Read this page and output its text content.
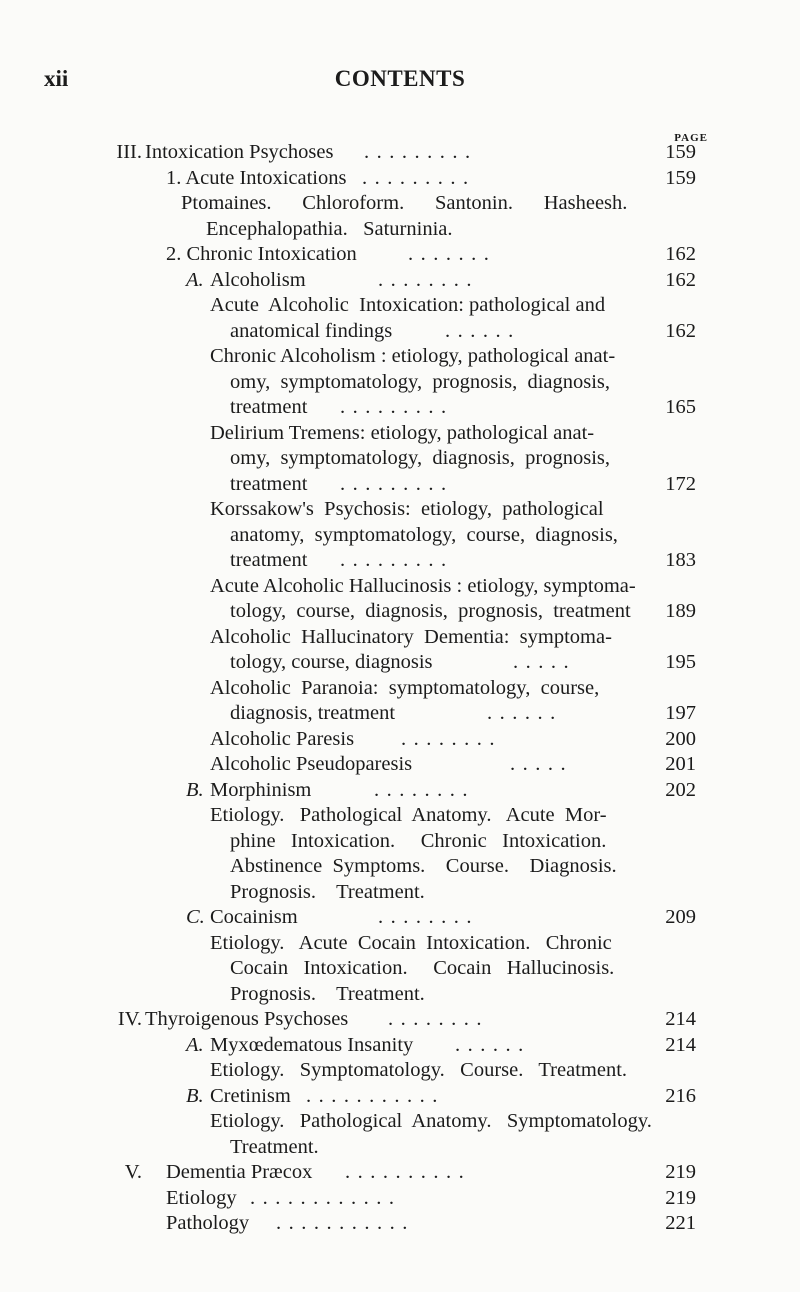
xii	CONTENTS
PAGE
III. Intoxication Psychoses .........	159
1. Acute Intoxications .........	159
Ptomaines.      Chloroform.      Santonin.      Hasheesh.
Encephalopathia.   Saturninia.
2. Chronic Intoxication	.......	162
A. Alcoholism	........	162
Acute  Alcoholic  Intoxication: pathological and
anatomical findings	......	162
Chronic Alcoholism : etiology, pathological anat-
omy,  symptomatology,  prognosis,  diagnosis,
treatment .........	165
Delirium Tremens: etiology, pathological anat-
omy,  symptomatology,  diagnosis,  prognosis,
treatment .........	172
Korssakow's  Psychosis:  etiology,  pathological
anatomy,  symptomatology,  course,  diagnosis,
treatment .........	183
Acute Alcoholic Hallucinosis : etiology, symptoma-
tology,  course,  diagnosis,  prognosis,  treatment	189
Alcoholic  Hallucinatory  Dementia:  symptoma-
tology, course, diagnosis	.....	195
Alcoholic  Paranoia:  symptomatology,  course,
diagnosis, treatment	......	197
Alcoholic Paresis ........	200
Alcoholic Pseudoparesis	.....	201
B. Morphinism	........	202
Etiology.   Pathological  Anatomy.   Acute  Mor-
phine   Intoxication.     Chronic   Intoxication.
Abstinence  Symptoms.    Course.    Diagnosis.
Prognosis.    Treatment.
C. Cocainism	........	209
Etiology.   Acute  Cocain  Intoxication.   Chronic
Cocain   Intoxication.     Cocain   Hallucinosis.
Prognosis.    Treatment.
IV. Thyroigenous Psychoses ........	214
A. Myxœdematous Insanity ......	214
Etiology.   Symptomatology.   Course.   Treatment.
B. Cretinism ...........	216
Etiology.   Pathological  Anatomy.   Symptomatology.
Treatment.
V. Dementia Præcox ..........	219
Etiology ............	219
Pathology ...........	221
